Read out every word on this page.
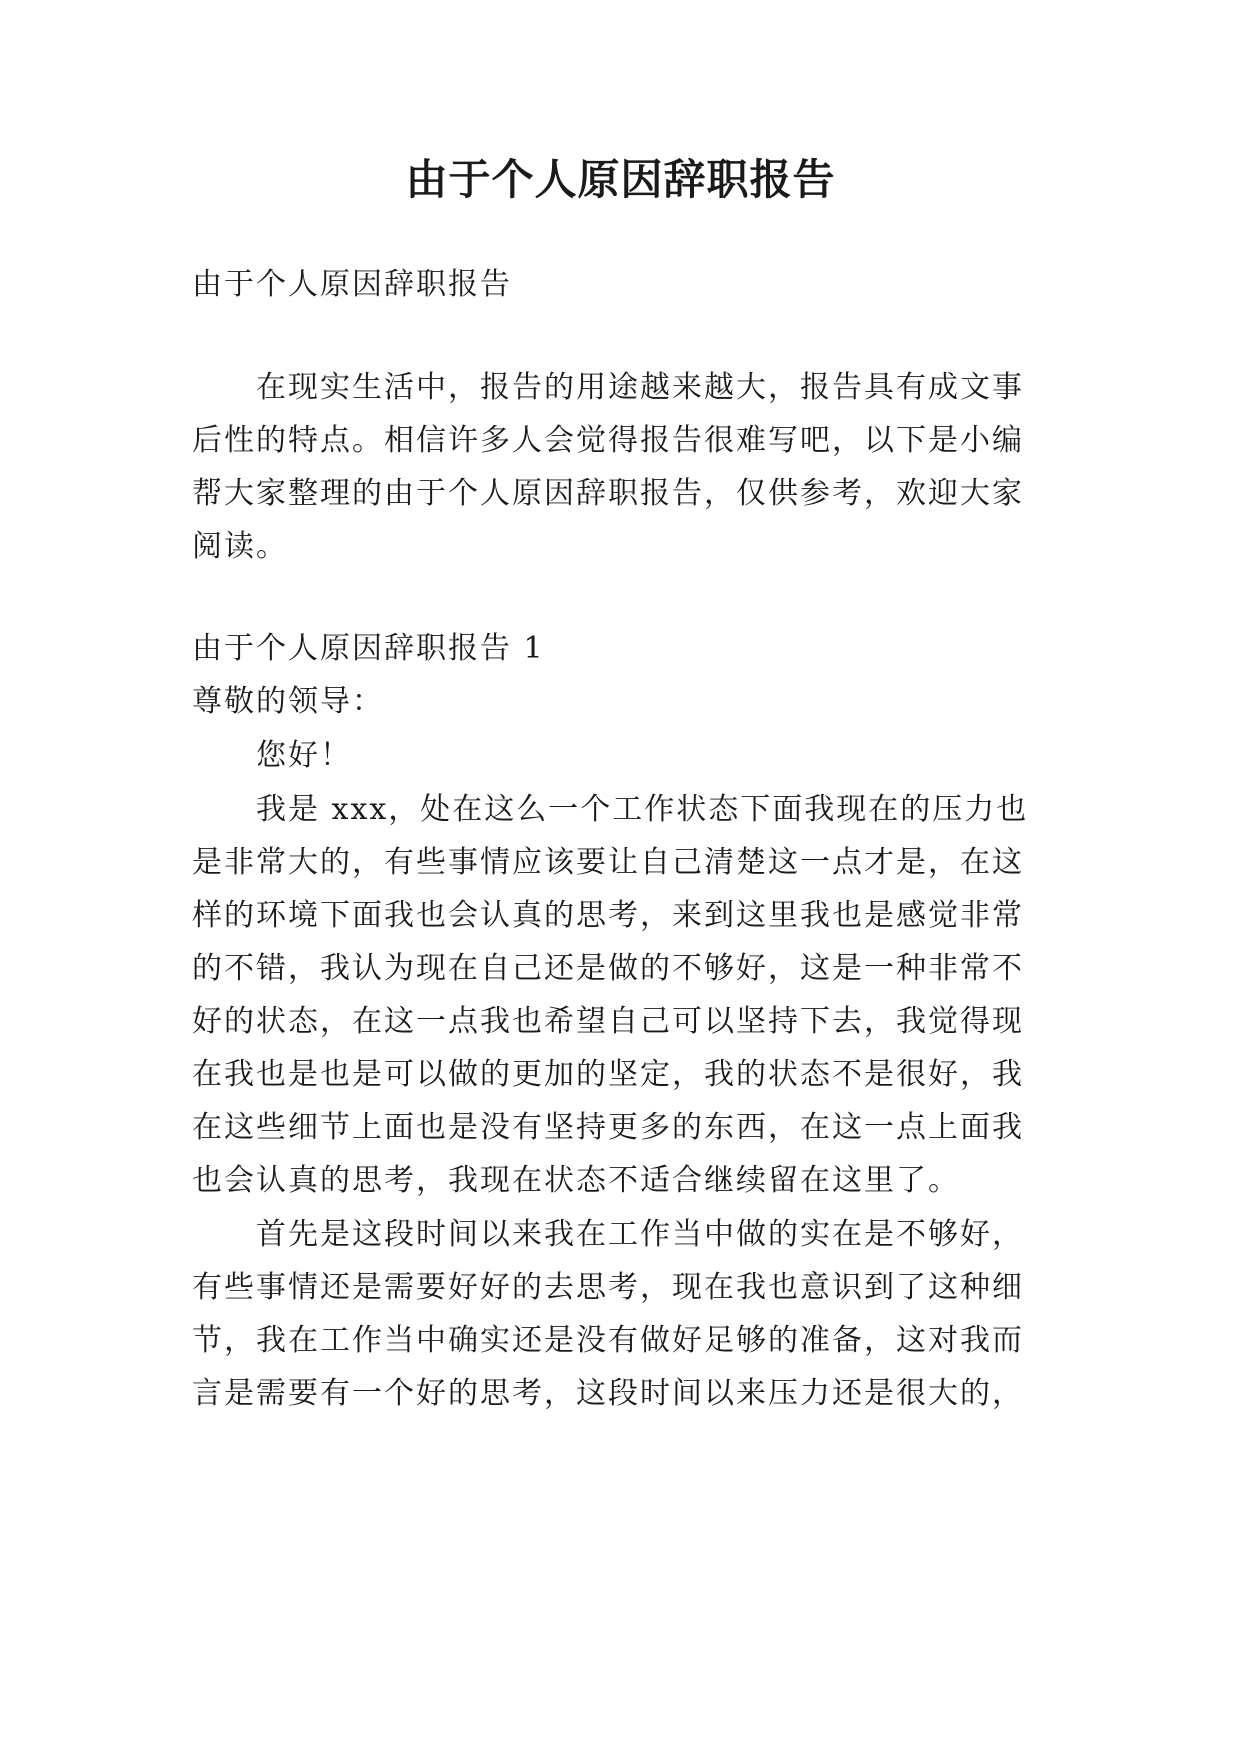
由于个人原因辞职报告
由于个人原因辞职报告
在现实生活中，报告的用途越来越大，报告具有成文事
后性的特点。相信许多人会觉得报告很难写吧，以下是小编
帮大家整理的由于个人原因辞职报告，仅供参考，欢迎大家
阅读。
由于个人原因辞职报告 1
尊敬的领导：
您好！
我是 xxx，处在这么一个工作状态下面我现在的压力也
是非常大的，有些事情应该要让自己清楚这一点才是，在这
样的环境下面我也会认真的思考，来到这里我也是感觉非常
的不错，我认为现在自己还是做的不够好，这是一种非常不
好的状态，在这一点我也希望自己可以坚持下去，我觉得现
在我也是也是可以做的更加的坚定，我的状态不是很好，我
在这些细节上面也是没有坚持更多的东西，在这一点上面我
也会认真的思考，我现在状态不适合继续留在这里了。
首先是这段时间以来我在工作当中做的实在是不够好，
有些事情还是需要好好的去思考，现在我也意识到了这种细
节，我在工作当中确实还是没有做好足够的准备，这对我而
言是需要有一个好的思考，这段时间以来压力还是很大的，
